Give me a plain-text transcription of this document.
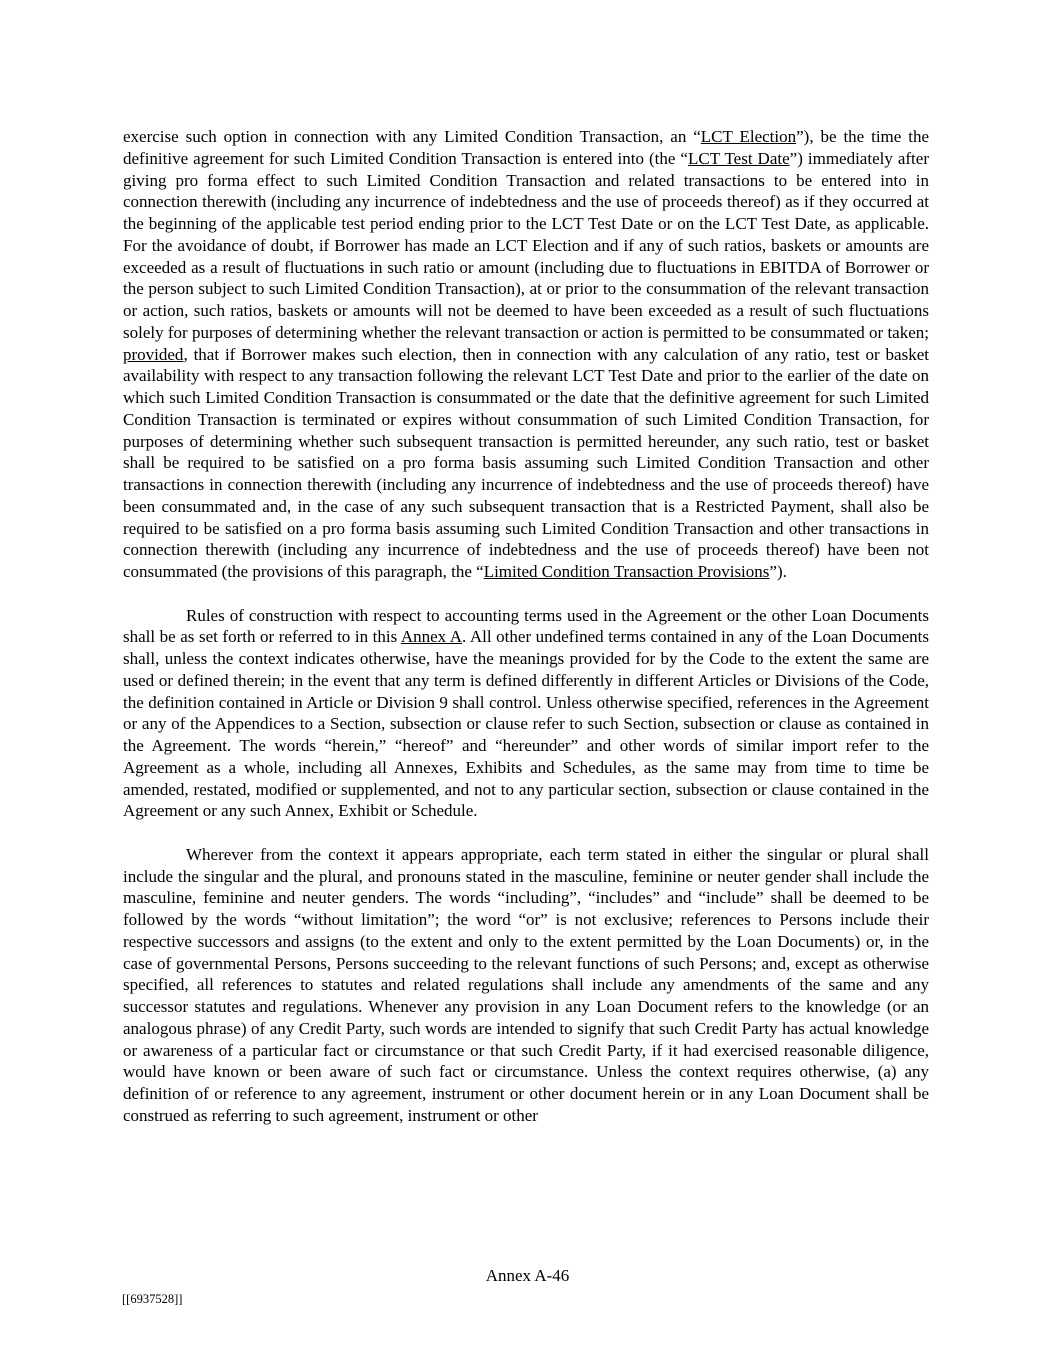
exercise such option in connection with any Limited Condition Transaction, an “LCT Election”), be the time the definitive agreement for such Limited Condition Transaction is entered into (the “LCT Test Date”) immediately after giving pro forma effect to such Limited Condition Transaction and related transactions to be entered into in connection therewith (including any incurrence of indebtedness and the use of proceeds thereof) as if they occurred at the beginning of the applicable test period ending prior to the LCT Test Date or on the LCT Test Date, as applicable. For the avoidance of doubt, if Borrower has made an LCT Election and if any of such ratios, baskets or amounts are exceeded as a result of fluctuations in such ratio or amount (including due to fluctuations in EBITDA of Borrower or the person subject to such Limited Condition Transaction), at or prior to the consummation of the relevant transaction or action, such ratios, baskets or amounts will not be deemed to have been exceeded as a result of such fluctuations solely for purposes of determining whether the relevant transaction or action is permitted to be consummated or taken; provided, that if Borrower makes such election, then in connection with any calculation of any ratio, test or basket availability with respect to any transaction following the relevant LCT Test Date and prior to the earlier of the date on which such Limited Condition Transaction is consummated or the date that the definitive agreement for such Limited Condition Transaction is terminated or expires without consummation of such Limited Condition Transaction, for purposes of determining whether such subsequent transaction is permitted hereunder, any such ratio, test or basket shall be required to be satisfied on a pro forma basis assuming such Limited Condition Transaction and other transactions in connection therewith (including any incurrence of indebtedness and the use of proceeds thereof) have been consummated and, in the case of any such subsequent transaction that is a Restricted Payment, shall also be required to be satisfied on a pro forma basis assuming such Limited Condition Transaction and other transactions in connection therewith (including any incurrence of indebtedness and the use of proceeds thereof) have been not consummated (the provisions of this paragraph, the “Limited Condition Transaction Provisions”).

Rules of construction with respect to accounting terms used in the Agreement or the other Loan Documents shall be as set forth or referred to in this Annex A. All other undefined terms contained in any of the Loan Documents shall, unless the context indicates otherwise, have the meanings provided for by the Code to the extent the same are used or defined therein; in the event that any term is defined differently in different Articles or Divisions of the Code, the definition contained in Article or Division 9 shall control. Unless otherwise specified, references in the Agreement or any of the Appendices to a Section, subsection or clause refer to such Section, subsection or clause as contained in the Agreement. The words “herein,” “hereof” and “hereunder” and other words of similar import refer to the Agreement as a whole, including all Annexes, Exhibits and Schedules, as the same may from time to time be amended, restated, modified or supplemented, and not to any particular section, subsection or clause contained in the Agreement or any such Annex, Exhibit or Schedule.

Wherever from the context it appears appropriate, each term stated in either the singular or plural shall include the singular and the plural, and pronouns stated in the masculine, feminine or neuter gender shall include the masculine, feminine and neuter genders. The words “including”, “includes” and “include” shall be deemed to be followed by the words “without limitation”; the word “or” is not exclusive; references to Persons include their respective successors and assigns (to the extent and only to the extent permitted by the Loan Documents) or, in the case of governmental Persons, Persons succeeding to the relevant functions of such Persons; and, except as otherwise specified, all references to statutes and related regulations shall include any amendments of the same and any successor statutes and regulations. Whenever any provision in any Loan Document refers to the knowledge (or an analogous phrase) of any Credit Party, such words are intended to signify that such Credit Party has actual knowledge or awareness of a particular fact or circumstance or that such Credit Party, if it had exercised reasonable diligence, would have known or been aware of such fact or circumstance. Unless the context requires otherwise, (a) any definition of or reference to any agreement, instrument or other document herein or in any Loan Document shall be construed as referring to such agreement, instrument or other

Annex A-46
[[6937528]]
